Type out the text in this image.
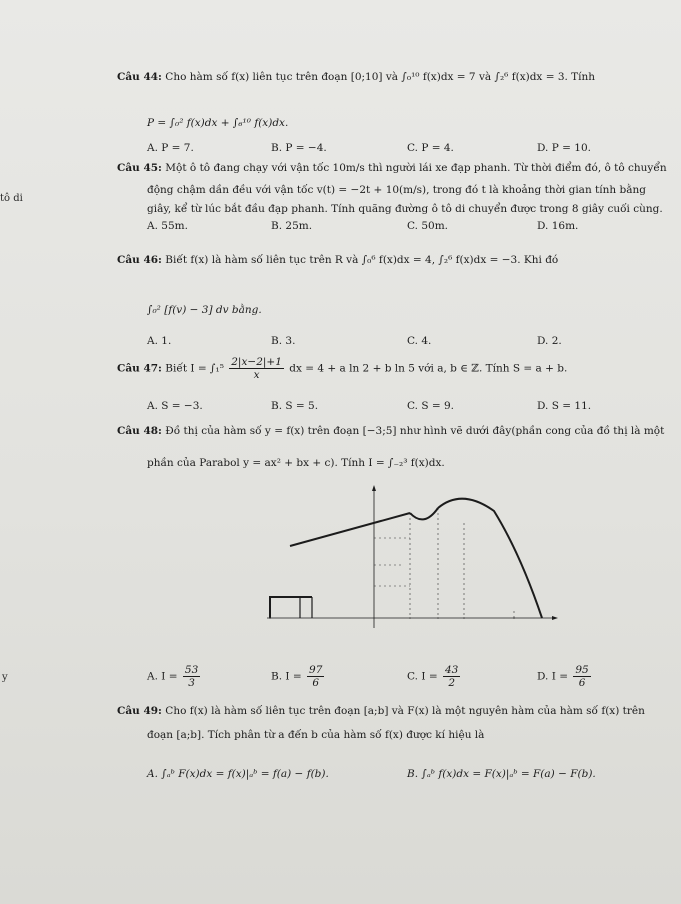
tô di
y
Câu 44: Cho hàm số f(x) liên tục trên đoạn [0;10] và ∫₀¹⁰ f(x)dx = 7 và ∫₂⁶ f(x)dx = 3. Tính
P = ∫₀² f(x)dx + ∫₆¹⁰ f(x)dx.
A. P = 7.	B. P = −4.	C. P = 4.	D. P = 10.
Câu 45: Một ô tô đang chạy với vận tốc 10m/s thì người lái xe đạp phanh. Từ thời điểm đó, ô tô chuyển
động chậm dần đều với vận tốc v(t) = −2t + 10(m/s), trong đó t là khoảng thời gian tính bằng
giây, kể từ lúc bắt đầu đạp phanh. Tính quãng đường ô tô di chuyển được trong 8 giây cuối cùng.
A. 55m.	B. 25m.	C. 50m.	D. 16m.
Câu 46: Biết f(x) là hàm số liên tục trên R và ∫₀⁶ f(x)dx = 4, ∫₂⁶ f(x)dx = −3. Khi đó
∫₀² [f(v) − 3] dv bằng.
A. 1.	B. 3.	C. 4.	D. 2.
Câu 47: Biết $I = \int_1^5 \frac{2|x-2|+1}{x}$ dx = 4 + a ln 2 + b ln 5 với a, b ∈ ℤ. Tính S = a + b.
A. S = −3.	B. S = 5.	C. S = 9.	D. S = 11.
Câu 48: Đồ thị của hàm số y = f(x) trên đoạn [−3;5] như hình vẽ dưới đây(phần cong của đồ thị là một
phần của Parabol y = ax² + bx + c). Tính I = ∫₋₂³ f(x)dx.
A. $I = \frac{53}{3}$	B. $I = \frac{97}{6}$	C. $I = \frac{43}{2}$	D. $I = \frac{95}{6}$
Câu 49: Cho f(x) là hàm số liên tục trên đoạn [a;b] và F(x) là một nguyên hàm của hàm số f(x) trên
đoạn [a;b]. Tích phân từ a đến b của hàm số f(x) được kí hiệu là
A. ∫ₐᵇ F(x)dx = f(x)|ₐᵇ = f(a) − f(b).	B. ∫ₐᵇ f(x)dx = F(x)|ₐᵇ = F(a) − F(b).
